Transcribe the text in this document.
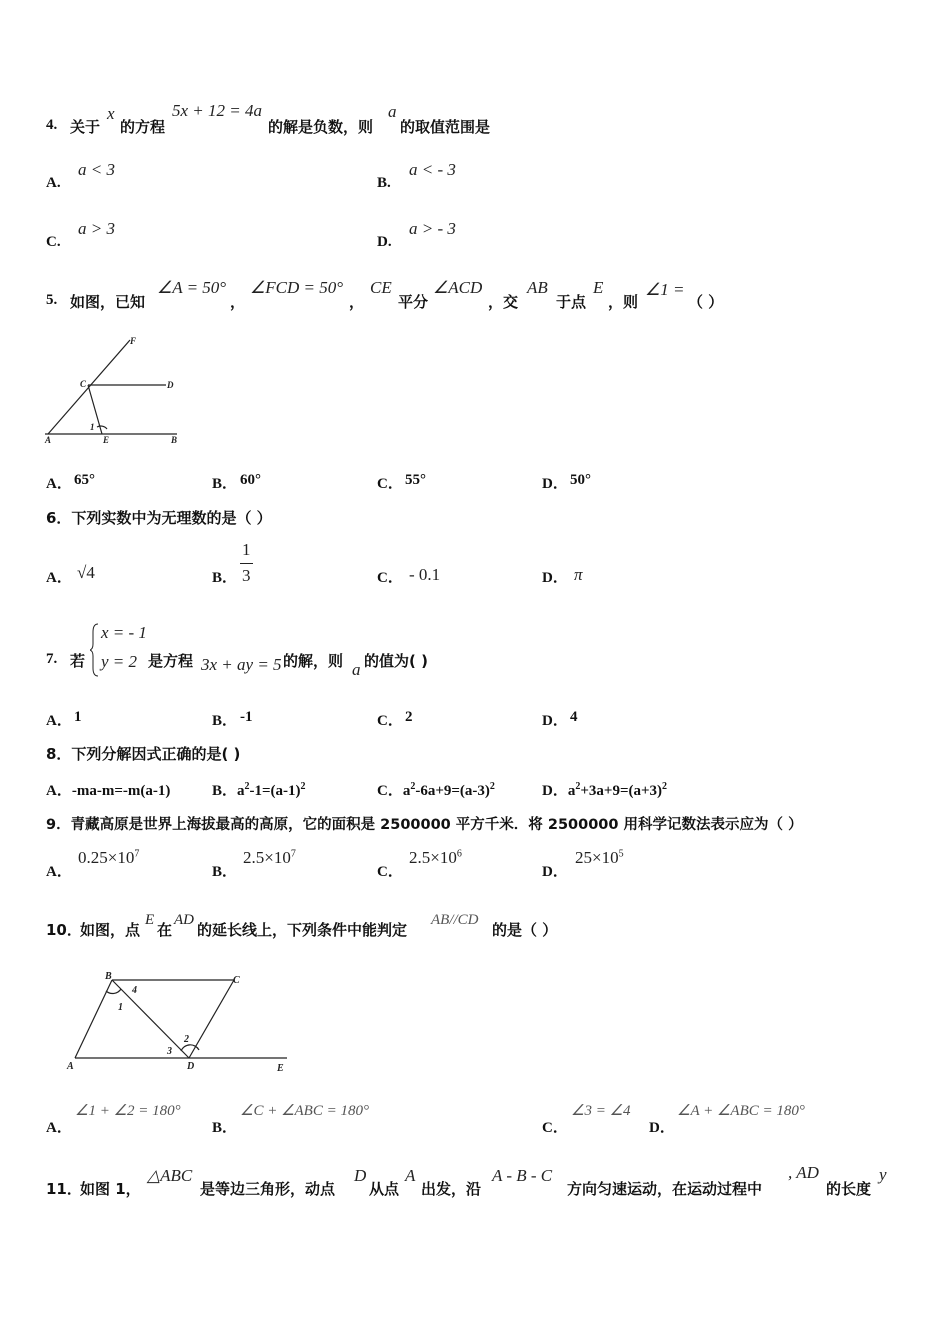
4. 关于
x
的方程
5x + 12 = 4a
的解是负数，则
a
的取值范围是
A.
a < 3
B.
a < - 3
C.
a > 3
D.
a > - 3
5. 如图，已知
∠A = 50°
，
∠FCD = 50°
，
CE
平分
∠ACD
，交
AB
于点
E
，则
∠1 =
（ ）
F
C	D
A	E	B
1
A． 65°	B． 60°	C． 55°	D． 50°
6．下列实数中为无理数的是（ ）
A． √4	B．
1
3	C． - 0.1	D． π
7. 若
x = - 1
y = 2 是方程 3x + ay = 5 的解，则 a 的值为( )
A． 1	B． -1	C． 2	D． 4
8．下列分解因式正确的是( )
A．-ma-m=-m(a-1)	B．$a^2-1=(a-1)^2$	C．$a^2-6a+9=(a-3)^2$	D．$a^2+3a+9=(a+3)^2$
9．青藏高原是世界上海拔最高的高原，它的面积是 2500000 平方千米．将 2500000 用科学记数法表示应为（ ）
A．
$0.25\times 10^7$
B．
$2.5\times 10^7$
C．
$2.5\times 10^6$
D．
$25\times 10^5$
10．
如图，点
E
在
AD
的延长线上，下列条件中能判定
AB//CD
的是（ ）
B	C
A	D	E
1
4
2
3
A．
∠1 + ∠2 = 180°
B．
∠C + ∠ABC = 180°
C．
∠3 = ∠4
D．
∠A + ∠ABC = 180°
11．
如图 1，
△ABC
是等边三角形，动点
D
从点
A
出发，沿
A - B - C
方向匀速运动，在运动过程中
, AD
的长度
y
